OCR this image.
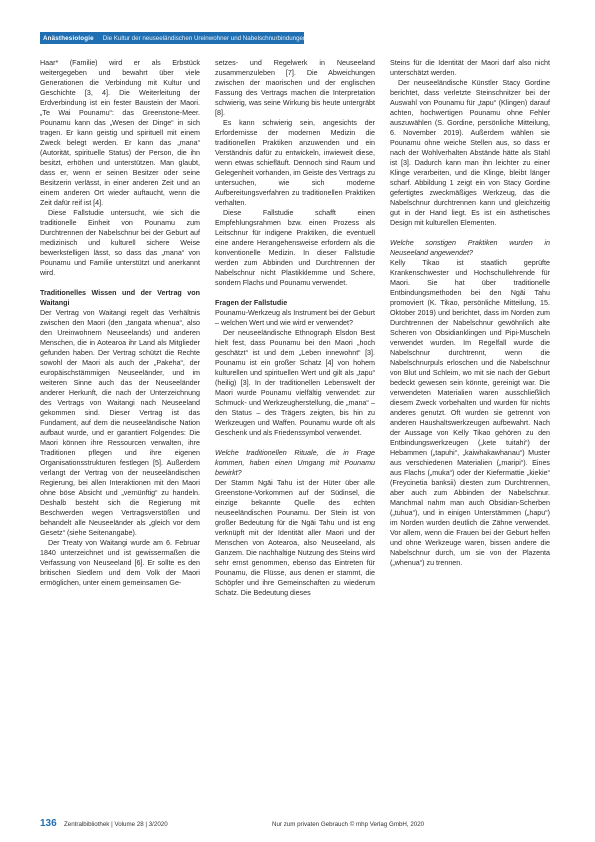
Anästhesiologie	Die Kultur der neuseeländischen Ureinwohner und Nabelschnurbindungen

Haar* (Familie) wird er als Erbstück weitergegeben und bewahrt über viele Generationen die Verbindung mit Kultur und Geschichte [3, 4]. Die Weiterleitung der Erdverbindung ist ein fester Baustein der Maori. „Te Wai Pounamu“: das Greenstone-Meer. Pounamu kann das „Wesen der Dinge“ in sich tragen. Er kann geistig und spirituell mit einem Zweck belegt werden. Er kann das „mana“ (Autorität, spirituelle Status) der Person, die ihn besitzt, erhöhen und unterstützen. Man glaubt, dass er, wenn er seinen Besitzer oder seine Besitzerin verlässt, in einer anderen Zeit und an einem anderen Ort wieder auftaucht, wenn die Zeit dafür reif ist [4].

Diese Fallstudie untersucht, wie sich die traditionelle Einheit von Pounamu zum Durchtrennen der Nabelschnur bei der Geburt auf medizinisch und kulturell sichere Weise bewerkstelligen lässt, so dass das „mana“ von Pounamu und Familie unterstützt und anerkannt wird.

Traditionelles Wissen und der Vertrag von Waitangi

Der Vertrag von Waitangi regelt das Verhältnis zwischen den Maori (den „tangata whenua“, also den Ureinwohnern Neuseelands) und anderen Menschen, die in Aotearoa ihr Land als Mitglieder gefunden haben. Der Vertrag schützt die Rechte sowohl der Maori als auch der „Pakeha“, der europäischstämmigen Neuseeländer, und im weiteren Sinne auch das der Neuseeländer anderer Herkunft, die nach der Unterzeichnung des Vertrags von Waitangi nach Neuseeland gekommen sind. Dieser Vertrag ist das Fundament, auf dem die neuseeländische Nation aufbaut wurde, und er garantiert Folgendes: Die Maori können ihre Ressourcen verwalten, ihre Traditionen pflegen und ihre eigenen Organisationsstrukturen festlegen [5]. Außerdem verlangt der Vertrag von der neuseeländischen Regierung, bei allen Interaktionen mit den Maori ohne böse Absicht und „vernünftig“ zu handeln. Deshalb besteht sich die Regierung mit Beschwerden wegen Vertragsverstößen und behandelt alle Neuseeländer als „gleich vor dem Gesetz“ (siehe Seitenangabe).

Der Treaty von Waitangi wurde am 6. Februar 1840 unterzeichnet und ist gewissermaßen die Verfassung von Neuseeland [6]. Er sollte es den britischen Siedlern und dem Volk der Maori ermöglichen, unter einem gemeinsamen Ge-

setzes- und Regelwerk in Neuseeland zusammenzuleben [7]. Die Abweichungen zwischen der maorischen und der englischen Fassung des Vertrags machen die Interpretation schwierig, was seine Wirkung bis heute untergräbt [8].

Es kann schwierig sein, angesichts der Erfordernisse der modernen Medizin die traditionellen Praktiken anzuwenden und ein Verständnis dafür zu entwickeln, inwieweit diese, wenn etwas schiefläuft. Dennoch sind Raum und Gelegenheit vorhanden, im Geiste des Vertrags zu untersuchen, wie sich moderne Aufbereitungsverfahren zu traditionellen Praktiken verhalten.

Diese Fallstudie schafft einen Empfehlungsrahmen bzw. einen Prozess als Leitschnur für indigene Praktiken, die eventuell eine andere Herangehensweise erfordern als die konventionelle Medizin. In dieser Fallstudie werden zum Abbinden und Durchtrennen der Nabelschnur nicht Plastikklemme und Schere, sondern Flachs und Pounamu verwendet.

Fragen der Fallstudie

Pounamu-Werkzeug als Instrument bei der Geburt – welchen Wert und wie wird er verwendet?

Der neuseeländische Ethnograph Elsdon Best hielt fest, dass Pounamu bei den Maori „hoch geschätzt“ ist und dem „Leben innewohnt“ [3]. Pounamu ist ein großer Schatz [4] von hohem kulturellen und spirituellen Wert und gilt als „tapu“ (heilig) [3]. In der traditionellen Lebenswelt der Maori wurde Pounamu vielfältig verwendet: zur Schmuck- und Werkzeugherstellung, die „mana“ – den Status – des Trägers zeigten, bis hin zu Werkzeugen und Waffen. Pounamu wurde oft als Geschenk und als Friedenssymbol verwendet.

Welche traditionellen Rituale, die in Frage kommen, haben einen Umgang mit Pounamu bewirkt?

Der Stamm Ngāi Tahu ist der Hüter über alle Greenstone-Vorkommen auf der Südinsel, die einzige bekannte Quelle des echten neuseeländischen Pounamu. Der Stein ist von großer Bedeutung für die Ngāi Tahu und ist eng verknüpft mit der Identität aller Maori und der Menschen von Aotearoa, also Neuseeland, als Ganzem. Die nachhaltige Nutzung des Steins wird sehr ernst genommen, ebenso das Eintreten für Pounamu, die Flüsse, aus denen er stammt, die Schöpfer und ihre Gemeinschaften zu wiederum Schatz. Die Bedeutung dieses

Steins für die Identität der Maori darf also nicht unterschätzt werden.

Der neuseeländische Künstler Stacy Gordine berichtet, dass verletzte Steinschnitzer bei der Auswahl von Pounamu für „tapu“ (Klingen) darauf achten, hochwertigen Pounamu ohne Fehler auszuwählen (S. Gordine, persönliche Mitteilung, 6. November 2019). Außerdem wählen sie Pounamu ohne weiche Stellen aus, so dass er nach der Wohlverhalten Abstände hätte als Stahl ist [3]. Dadurch kann man ihn leichter zu einer Klinge verarbeiten, und die Klinge, bleibt länger scharf. Abbildung 1 zeigt ein von Stacy Gordine gefertigtes zweckmäßiges Werkzeug, das die Nabelschnur durchtrennen kann und gleichzeitig gut in der Hand liegt. Es ist ein ästhetisches Design mit kulturellen Elementen.

Welche sonstigen Praktiken wurden in Neuseeland angewendet?

Kelly Tikao ist staatlich geprüfte Krankenschwester und Hochschullehrende für Maori. Sie hat über traditionelle Entbindungsmethoden bei den Ngāi Tahu promoviert (K. Tikao, persönliche Mitteilung, 15. Oktober 2019) und berichtet, dass im Norden zum Durchtrennen der Nabelschnur gewöhnlich alte Scheren von Obsidianklingen und Pipi-Muscheln verwendet wurden. Im Regelfall wurde die Nabelschnur durchtrennt, wenn die Nabelschnurpuls erloschen und die Nabelschnur von Blut und Schleim, wo mit sie nach der Geburt bedeckt gewesen sein könnte, gereinigt war. Die verwendeten Materialien waren ausschließlich diesem Zweck vorbehalten und wurden für nichts anderes genutzt. Oft wurden sie getrennt von anderen Haushaltswerkzeugen aufbewahrt. Nach der Aussage von Kelly Tikao gehören zu den Entbindungswerkzeugen („kete tuitahi“) der Hebammen („tapuhi“, „kaiwhakawhanau“) Muster aus verschiedenen Materialien („maripi“). Eines aus Flachs („muka“) oder der Kiefermattie „kiekie“ (Freycinetia banksii) diesten zum Durchtrennen, aber auch zum Abbinden der Nabelschnur. Manchmal nahm man auch Obsidian-Scherben („tuhua“), und in einigen Unterstämmen („hapu“) im Norden wurden deutlich die Zähne verwendet. Vor allem, wenn die Frauen bei der Geburt helfen und ohne Werkzeuge waren, bissen andere die Nabelschnur durch, um sie von der Plazenta („whenua“) zu trennen.

136 Zentralbibliothek | Volume 28 | 3/2020	Nur zum privaten Gebrauch © mhp Verlag GmbH, 2020
